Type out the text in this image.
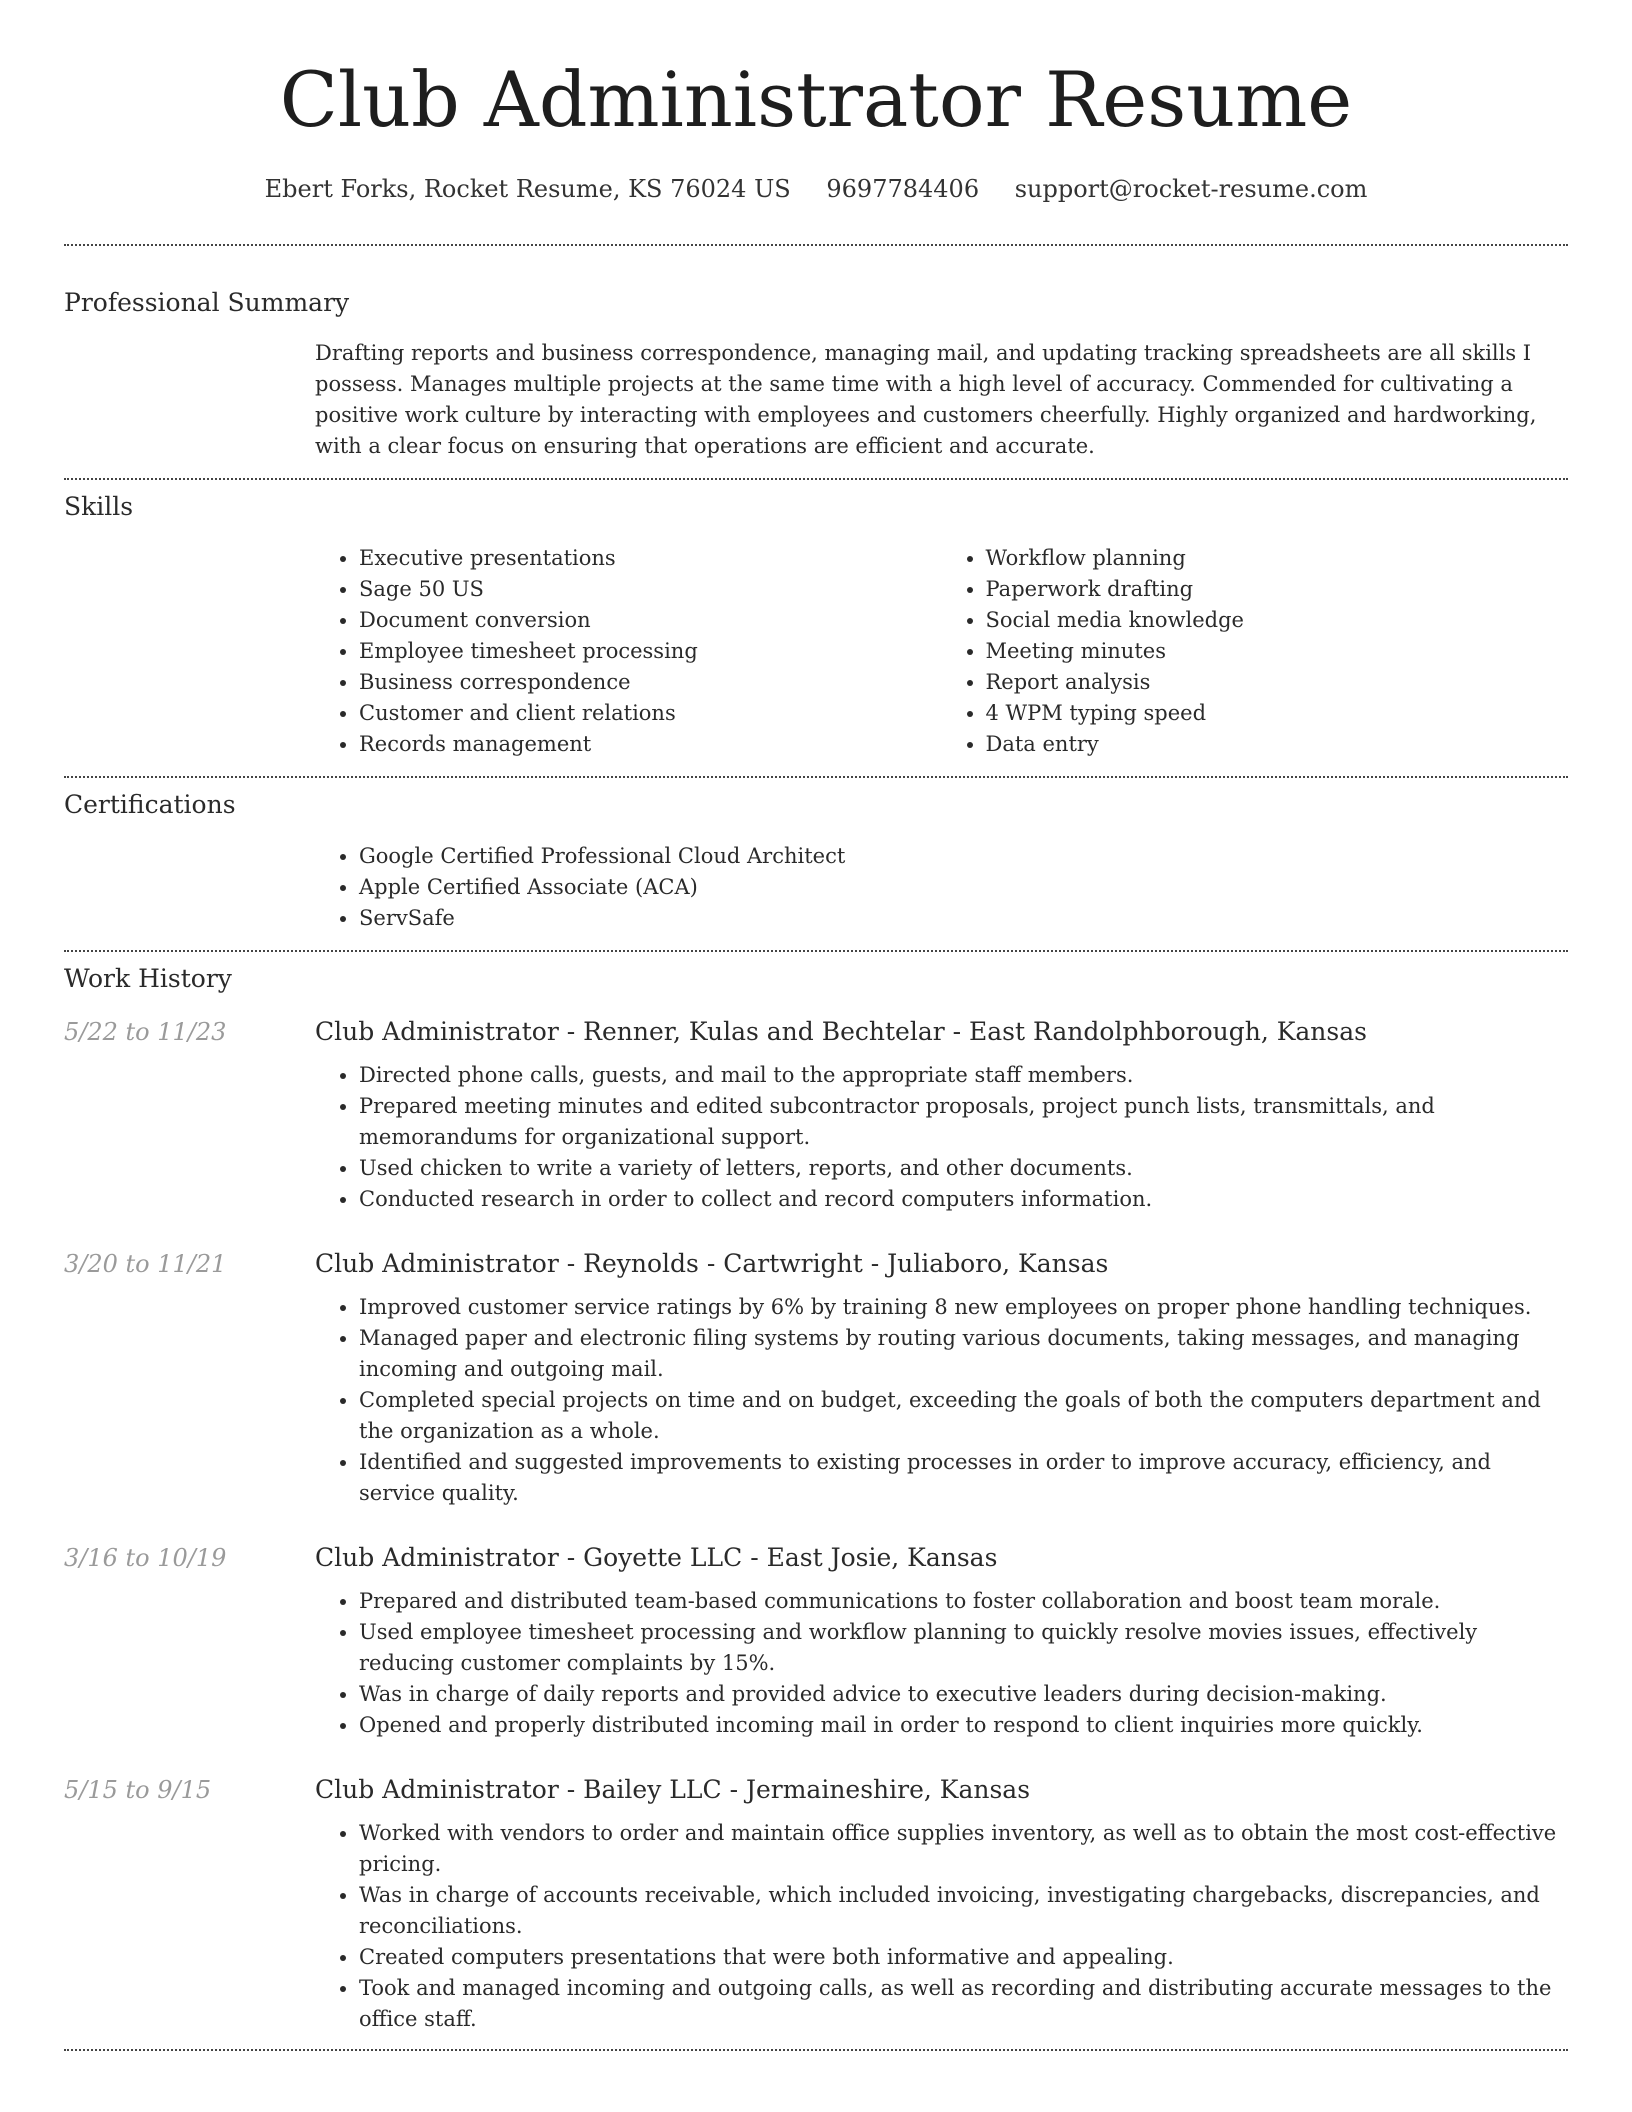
Club Administrator Resume
Ebert Forks, Rocket Resume, KS 76024 US 9697784406 support@rocket-resume.com
Professional Summary

Drafting reports and business correspondence, managing mail, and updating tracking spreadsheets are all skills I possess. Manages multiple projects at the same time with a high level of accuracy. Commended for cultivating a positive work culture by interacting with employees and customers cheerfully. Highly organized and hardworking, with a clear focus on ensuring that operations are efficient and accurate.

Skills
• Executive presentations
• Sage 50 US
• Document conversion
• Employee timesheet processing
• Business correspondence
• Customer and client relations
• Records management
• Workflow planning
• Paperwork drafting
• Social media knowledge
• Meeting minutes
• Report analysis
• 4 WPM typing speed
• Data entry
Certifications
• Google Certified Professional Cloud Architect
• Apple Certified Associate (ACA)
• ServSafe
Work History
5/22 to 11/23	Club Administrator - Renner, Kulas and Bechtelar - East Randolphborough, Kansas
• Directed phone calls, guests, and mail to the appropriate staff members.
• Prepared meeting minutes and edited subcontractor proposals, project punch lists, transmittals, and memorandums for organizational support.
• Used chicken to write a variety of letters, reports, and other documents.
• Conducted research in order to collect and record computers information.
3/20 to 11/21	Club Administrator - Reynolds - Cartwright - Juliaboro, Kansas
• Improved customer service ratings by 6% by training 8 new employees on proper phone handling techniques.
• Managed paper and electronic filing systems by routing various documents, taking messages, and managing incoming and outgoing mail.
• Completed special projects on time and on budget, exceeding the goals of both the computers department and the organization as a whole.
• Identified and suggested improvements to existing processes in order to improve accuracy, efficiency, and service quality.
3/16 to 10/19	Club Administrator - Goyette LLC - East Josie, Kansas
• Prepared and distributed team-based communications to foster collaboration and boost team morale.
• Used employee timesheet processing and workflow planning to quickly resolve movies issues, effectively reducing customer complaints by 15%.
• Was in charge of daily reports and provided advice to executive leaders during decision-making.
• Opened and properly distributed incoming mail in order to respond to client inquiries more quickly.
5/15 to 9/15	Club Administrator - Bailey LLC - Jermaineshire, Kansas
• Worked with vendors to order and maintain office supplies inventory, as well as to obtain the most cost-effective pricing.
• Was in charge of accounts receivable, which included invoicing, investigating chargebacks, discrepancies, and reconciliations.
• Created computers presentations that were both informative and appealing.
• Took and managed incoming and outgoing calls, as well as recording and distributing accurate messages to the office staff.
